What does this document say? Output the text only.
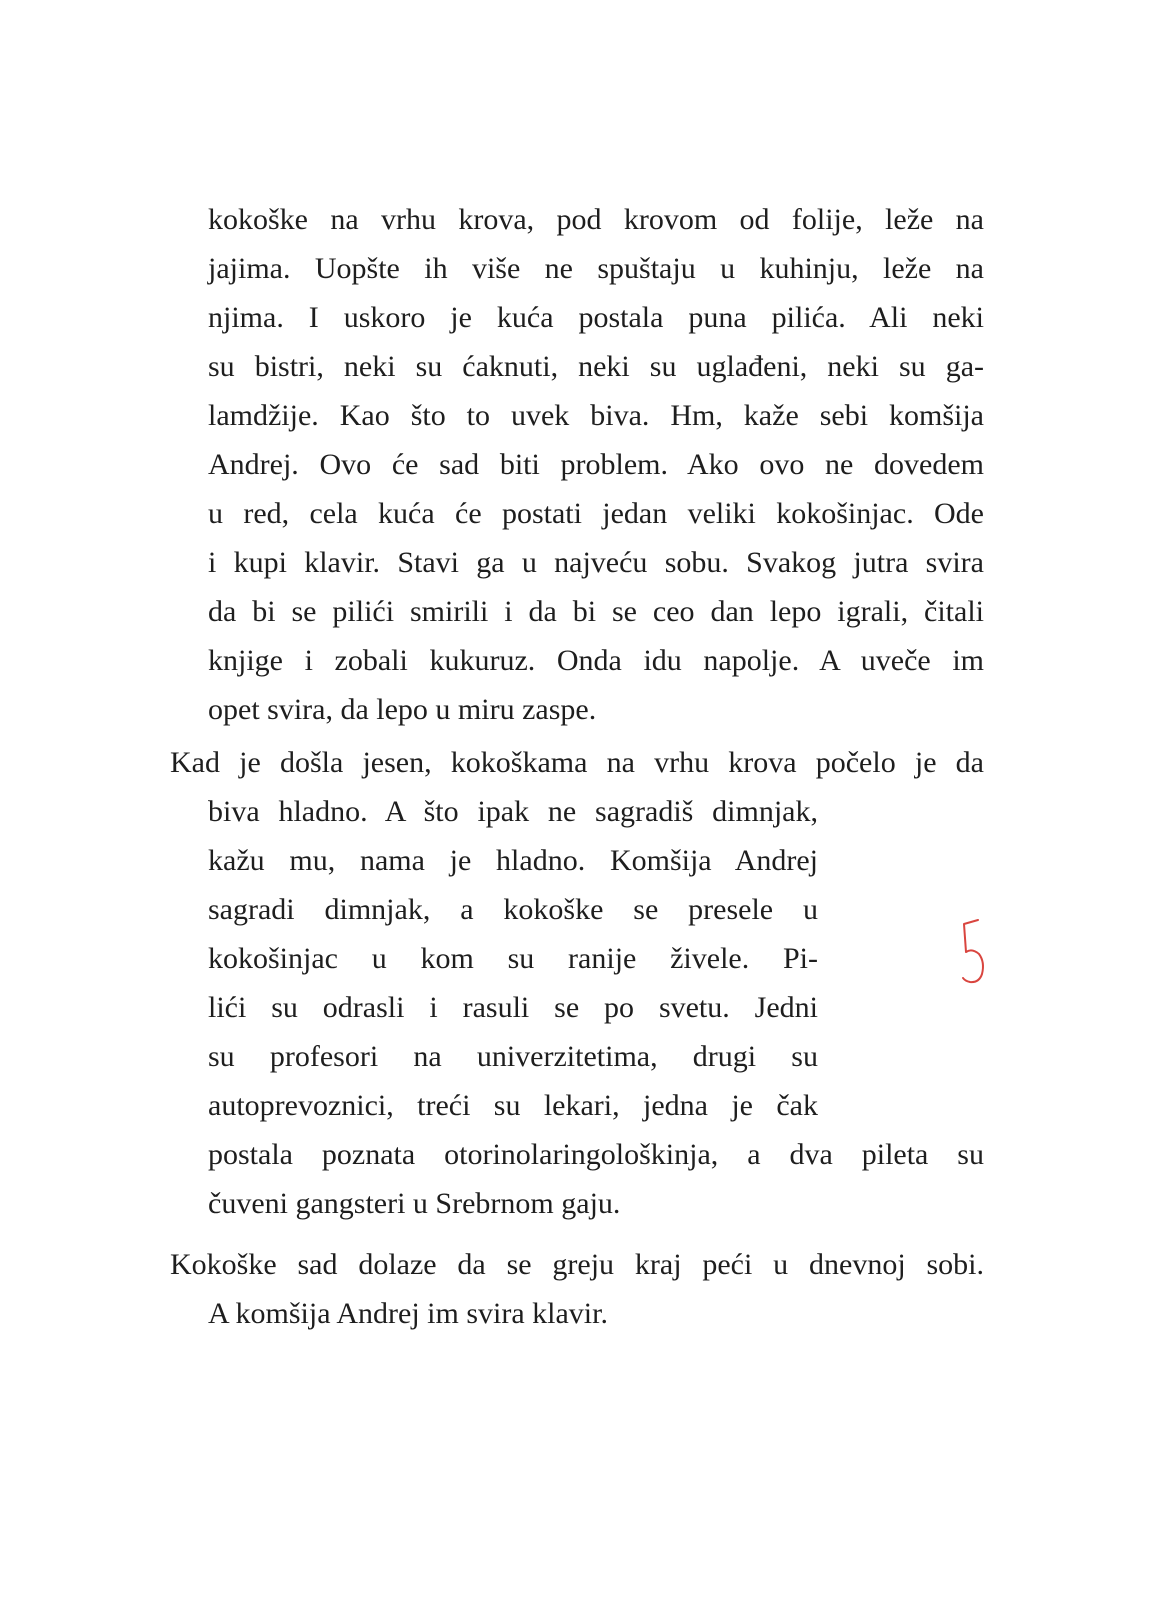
kokoške na vrhu krova, pod krovom od folije, leže na
jajima. Uopšte ih više ne spuštaju u kuhinju, leže na
njima. I uskoro je kuća postala puna pilića. Ali neki
su bistri, neki su ćaknuti, neki su uglađeni, neki su ga-
lamdžije. Kao što to uvek biva. Hm, kaže sebi komšija
Andrej. Ovo će sad biti problem. Ako ovo ne dovedem
u red, cela kuća će postati jedan veliki kokošinjac. Ode
i kupi klavir. Stavi ga u najveću sobu. Svakog jutra svira
da bi se pilići smirili i da bi se ceo dan lepo igrali, čitali
knjige i zobali kukuruz. Onda idu napolje. A uveče im
opet svira, da lepo u miru zaspe.
Kad je došla jesen, kokoškama na vrhu krova počelo je da
biva hladno. A što ipak ne sagradiš dimnjak,
kažu mu, nama je hladno. Komšija Andrej
sagradi dimnjak, a kokoške se presele u
kokošinjac u kom su ranije živele. Pi-
lići su odrasli i rasuli se po svetu. Jedni
su profesori na univerzitetima, drugi su
autoprevoznici, treći su lekari, jedna je čak
postala poznata otorinolaringološkinja, a dva pileta su
čuveni gangsteri u Srebrnom gaju.
Kokoške sad dolaze da se greju kraj peći u dnevnoj sobi.
A komšija Andrej im svira klavir.
